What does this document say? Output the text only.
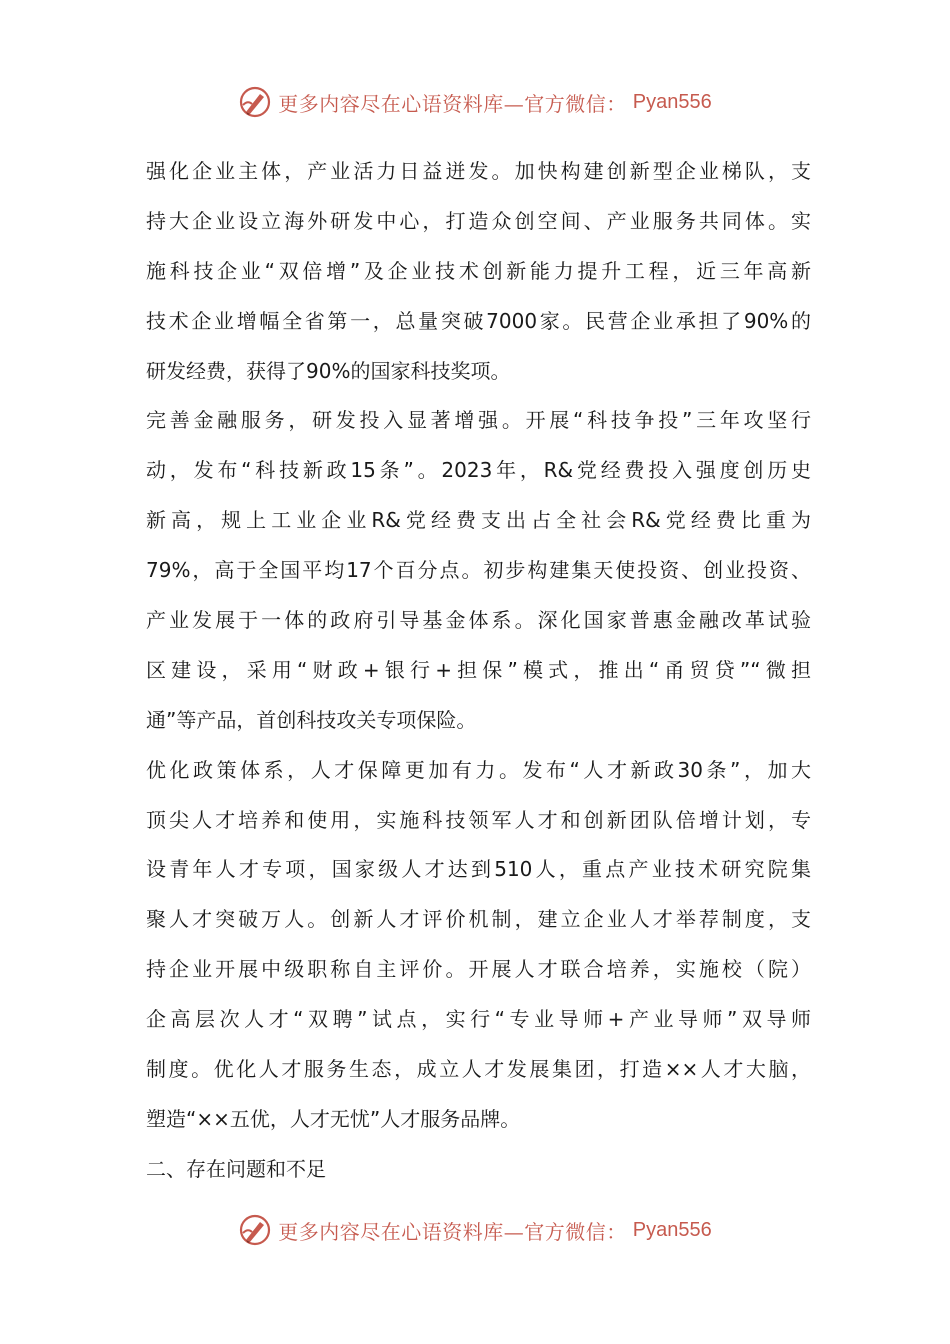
更多内容尽在心语资料库—官方微信： Pyan556
强化企业主体，产业活力日益迸发。加快构建创新型企业梯队，支
持大企业设立海外研发中心，打造众创空间、产业服务共同体。实
施科技企业“双倍增”及企业技术创新能力提升工程，近三年高新
技术企业增幅全省第一，总量突破7000家。民营企业承担了90%的
研发经费，获得了90%的国家科技奖项。
完善金融服务，研发投入显著增强。开展“科技争投”三年攻坚行
动，发布“科技新政15条”。2023年，R&党经费投入强度创历史
新高，规上工业企业R&党经费支出占全社会R&党经费比重为
79%，高于全国平均17个百分点。初步构建集天使投资、创业投资、
产业发展于一体的政府引导基金体系。深化国家普惠金融改革试验
区建设，采用“财政+银行+担保”模式，推出“甬贸贷”“微担
通”等产品，首创科技攻关专项保险。
优化政策体系，人才保障更加有力。发布“人才新政30条”，加大
顶尖人才培养和使用，实施科技领军人才和创新团队倍增计划，专
设青年人才专项，国家级人才达到510人，重点产业技术研究院集
聚人才突破万人。创新人才评价机制，建立企业人才举荐制度，支
持企业开展中级职称自主评价。开展人才联合培养，实施校（院）
企高层次人才“双聘”试点，实行“专业导师+产业导师”双导师
制度。优化人才服务生态，成立人才发展集团，打造××人才大脑，
塑造“××五优，人才无忧”人才服务品牌。
二、存在问题和不足
更多内容尽在心语资料库—官方微信： Pyan556
